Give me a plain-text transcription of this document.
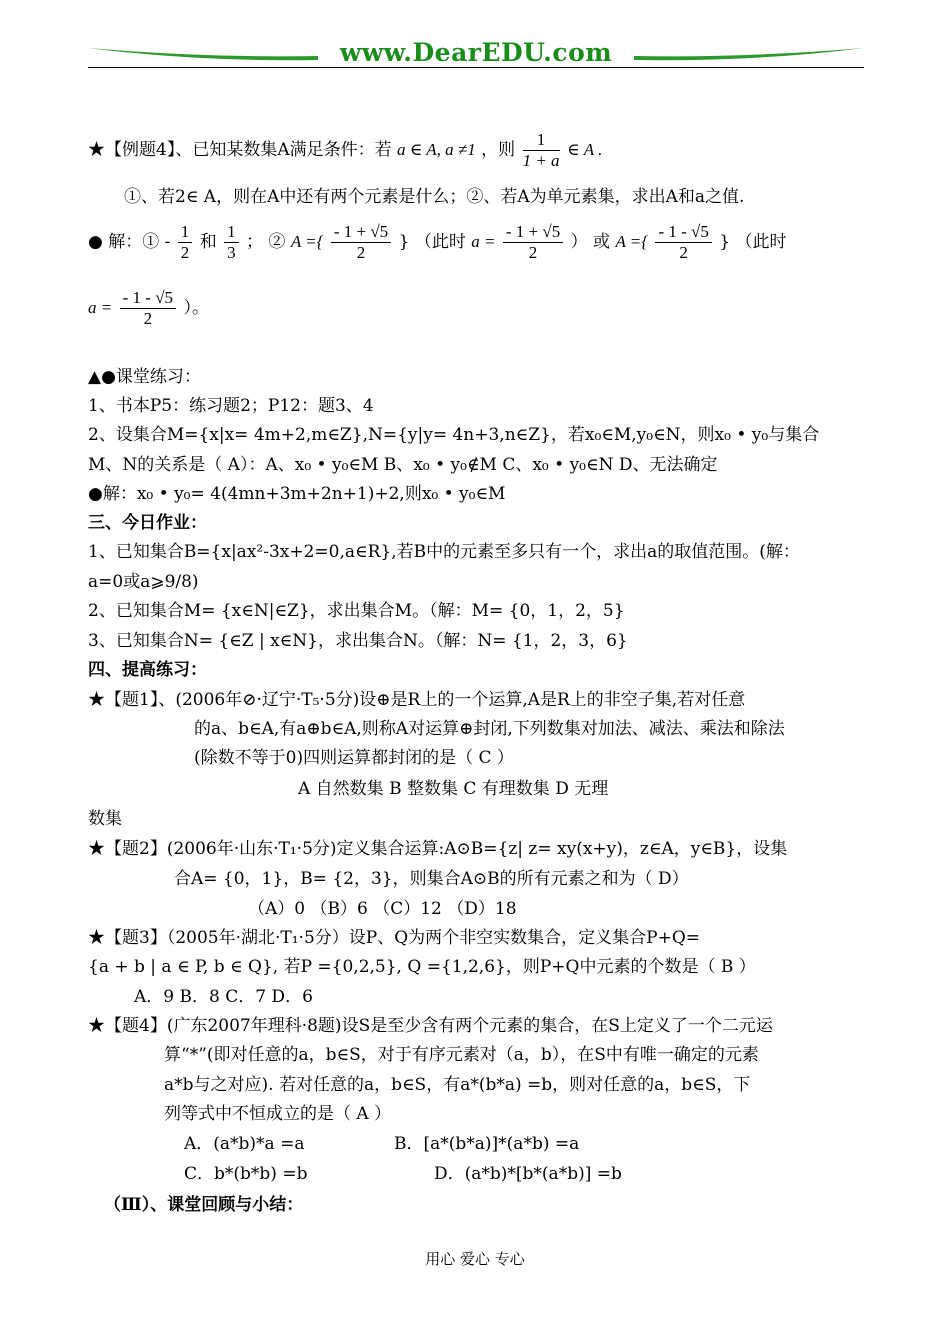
www.DearEDU.com
★【例题4】、已知某数集A满足条件：若 a ∈ A, a ≠1 ，则 $\frac{1}{1 + a}$ ∈ A .
①、若2∈ A，则在A中还有两个元素是什么；②、若A为单元素集，求出A和a之值.
● 解：① - $\frac{1}{2}$ 和 $\frac{1}{3}$ ； ② A ={ $\frac{- 1 + √5}{2}$ } （此时 $a = \frac{- 1 + √5}{2}$ ） 或 A ={ $\frac{- 1 - √5}{2}$ } （此时
$a = \frac{- 1 - √5}{2}$ ）。
▲●课堂练习：
1、书本P5：练习题2；P12：题3、4
2、设集合M={x|x= 4m+2,m∈Z},N={y|y= 4n+3,n∈Z}，若x₀∈M,y₀∈N，则x₀ • y₀与集合
M、N的关系是（ A）：A、x₀ • y₀∈M B、x₀ • y₀∉M C、x₀ • y₀∈N D、无法确定
●解：x₀ • y₀= 4(4mn+3m+2n+1)+2,则x₀ • y₀∈M
三、今日作业：
1、已知集合B={x|ax²-3x+2=0,a∈R},若B中的元素至多只有一个，求出a的取值范围。(解：
a=0或a⩾9/8)
2、已知集合M= {x∈N|∈Z}，求出集合M。（解：M= {0，1，2，5}
3、已知集合N= {∈Z | x∈N}，求出集合N。（解：N= {1，2，3，6}
四、提高练习：
★【题1】、(2006年⊘·辽宁·T₅·5分)设⊕是R上的一个运算,A是R上的非空子集,若对任意
的a、b∈A,有a⊕b∈A,则称A对运算⊕封闭,下列数集对加法、减法、乘法和除法
(除数不等于0)四则运算都封闭的是（ C ）
A 自然数集 B 整数集 C 有理数集 D 无理
数集
★【题2】(2006年·山东·T₁·5分)定义集合运算:A⊙B={z| z= xy(x+y)，z∈A，y∈B}，设集
合A= {0，1}，B= {2，3}，则集合A⊙B的所有元素之和为（ D）
（A）0 （B）6 （C）12 （D）18
★【题3】（2005年·湖北·T₁·5分）设P、Q为两个非空实数集合，定义集合P+Q=
{a + b | a ∈ P, b ∈ Q}, 若P ={0,2,5}, Q ={1,2,6}，则P+Q中元素的个数是（ B ）
A．9 B．8 C．7 D．6
★【题4】(广东2007年理科·8题)设S是至少含有两个元素的集合，在S上定义了一个二元运
算“*”(即对任意的a，b∈S，对于有序元素对（a，b），在S中有唯一确定的元素
a*b与之对应). 若对任意的a，b∈S，有a*(b*a) =b，则对任意的a，b∈S，下
列等式中不恒成立的是（ A ）
A．(a*b)*a =a	B．[a*(b*a)]*(a*b) =a
C．b*(b*b) =b	D．(a*b)*[b*(a*b)] =b
（Ⅲ）、课堂回顾与小结：
用心 爱心 专心
